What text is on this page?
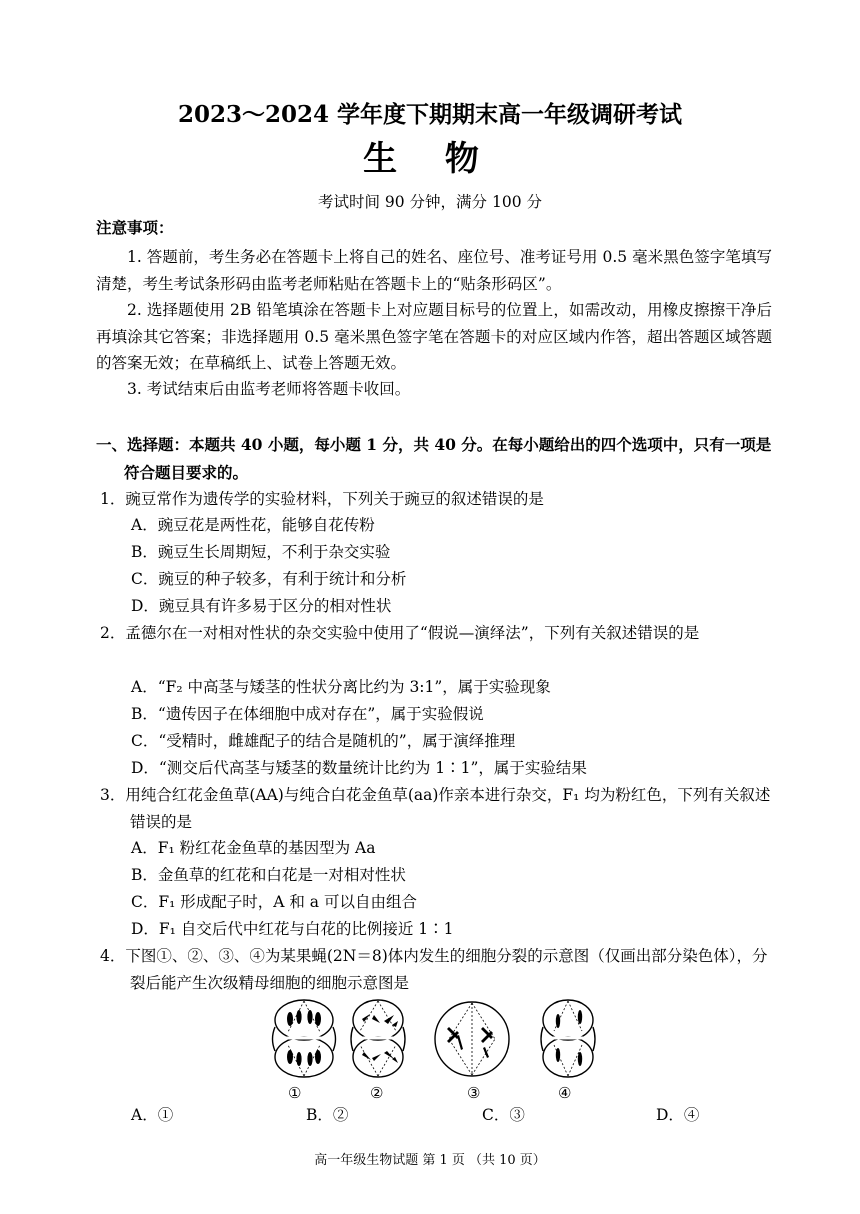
2023～2024 学年度下期期末高一年级调研考试
生 物
考试时间 90 分钟，满分 100 分
注意事项：
1. 答题前，考生务必在答题卡上将自己的姓名、座位号、准考证号用 0.5 毫米黑色签字笔填写清楚，考生考试条形码由监考老师粘贴在答题卡上的“贴条形码区”。
2. 选择题使用 2B 铅笔填涂在答题卡上对应题目标号的位置上，如需改动，用橡皮擦擦干净后再填涂其它答案；非选择题用 0.5 毫米黑色签字笔在答题卡的对应区域内作答，超出答题区域答题的答案无效；在草稿纸上、试卷上答题无效。
3. 考试结束后由监考老师将答题卡收回。
一、选择题：本题共 40 小题，每小题 1 分，共 40 分。在每小题给出的四个选项中，只有一项是符合题目要求的。
1．豌豆常作为遗传学的实验材料，下列关于豌豆的叙述错误的是
A．豌豆花是两性花，能够自花传粉
B．豌豆生长周期短，不利于杂交实验
C．豌豆的种子较多，有利于统计和分析
D．豌豆具有许多易于区分的相对性状
2．孟德尔在一对相对性状的杂交实验中使用了“假说—演绎法”，下列有关叙述错误的是
A．“F₂ 中高茎与矮茎的性状分离比约为 3:1”，属于实验现象
B．“遗传因子在体细胞中成对存在”，属于实验假说
C．“受精时，雌雄配子的结合是随机的”，属于演绎推理
D．“测交后代高茎与矮茎的数量统计比约为 1∶1”，属于实验结果
3．用纯合红花金鱼草(AA)与纯合白花金鱼草(aa)作亲本进行杂交，F₁ 均为粉红色，下列有关叙述错误的是
A．F₁ 粉红花金鱼草的基因型为 Aa
B．金鱼草的红花和白花是一对相对性状
C．F₁ 形成配子时，A 和 a 可以自由组合
D．F₁ 自交后代中红花与白花的比例接近 1∶1
4．下图①、②、③、④为某果蝇(2N＝8)体内发生的细胞分裂的示意图（仅画出部分染色体），分裂后能产生次级精母细胞的细胞示意图是
①	②	③	④
A．①	B．②	C．③	D．④
高一年级生物试题 第 1 页 （共 10 页）
